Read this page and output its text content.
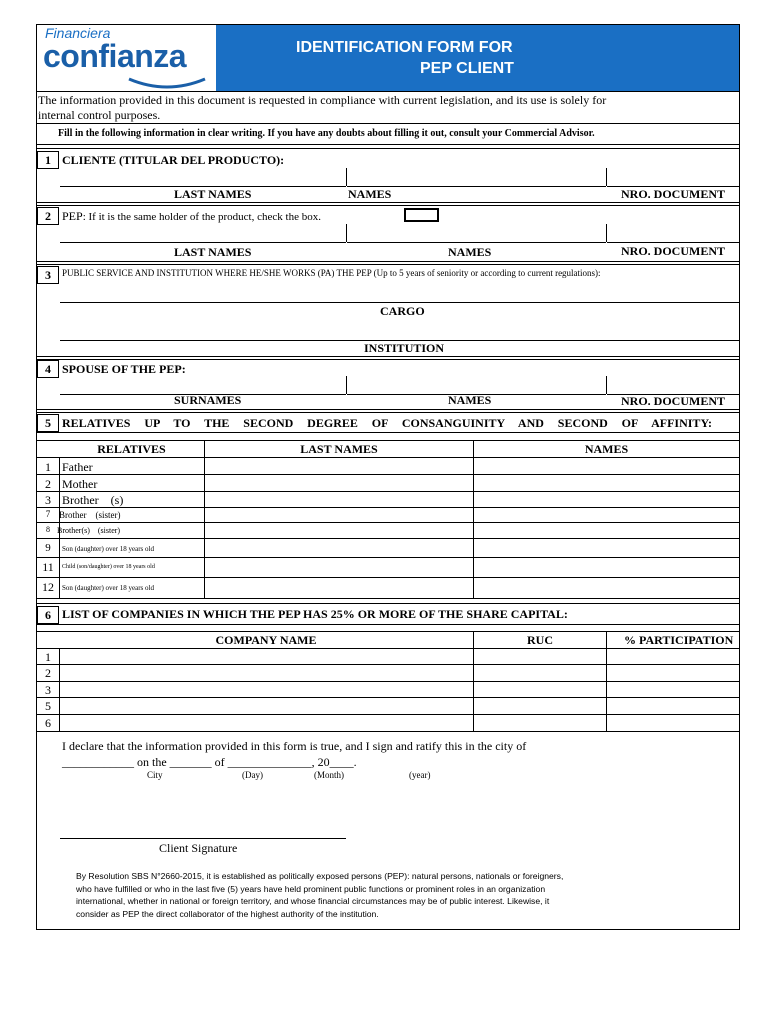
Financiera
confianza	IDENTIFICATION FORM FOR
PEP CLIENT
The information provided in this document is requested in compliance with current legislation, and its use is solely for
internal control purposes.
Fill in the following information in clear writing. If you have any doubts about filling it out, consult your Commercial Advisor.
1 CLIENTE (TITULAR DEL PRODUCTO):
LAST NAMES	NAMES	NRO. DOCUMENT
2 PEP: If it is the same holder of the product, check the box.
LAST NAMES	NAMES	NRO. DOCUMENT
3	PUBLIC SERVICE AND INSTITUTION WHERE HE/SHE WORKS (PA) THE PEP (Up to 5 years of seniority or according to current regulations):
CARGO
INSTITUTION
4 SPOUSE OF THE PEP:
SURNAMES	NAMES	NRO. DOCUMENT
5 RELATIVES UP TO THE SECOND DEGREE OF CONSANGUINITY AND SECOND OF AFFINITY:
RELATIVES	LAST NAMES	NAMES
1 Father
2 Mother
3 Brother    (s)
7 Brother    (sister)
8 Brother(s)    (sister)
9	Son (daughter) over 18 years old
11	Child (son/daughter) over 18 years old
12	Son (daughter) over 18 years old
6 LIST OF COMPANIES IN WHICH THE PEP HAS 25% OR MORE OF THE SHARE CAPITAL:
COMPANY NAME	RUC	% PARTICIPATION
1
2
3
5
6
I declare that the information provided in this form is true, and I sign and ratify this in the city of
____________ on the _______ of ______________, 20____.
City	(Day)	(Month)	(year)
Client Signature
By Resolution SBS N°2660-2015, it is established as politically exposed persons (PEP): natural persons, nationals or foreigners,
who have fulfilled or who in the last five (5) years have held prominent public functions or prominent roles in an organization
international, whether in national or foreign territory, and whose financial circumstances may be of public interest. Likewise, it
consider as PEP the direct collaborator of the highest authority of the institution.
